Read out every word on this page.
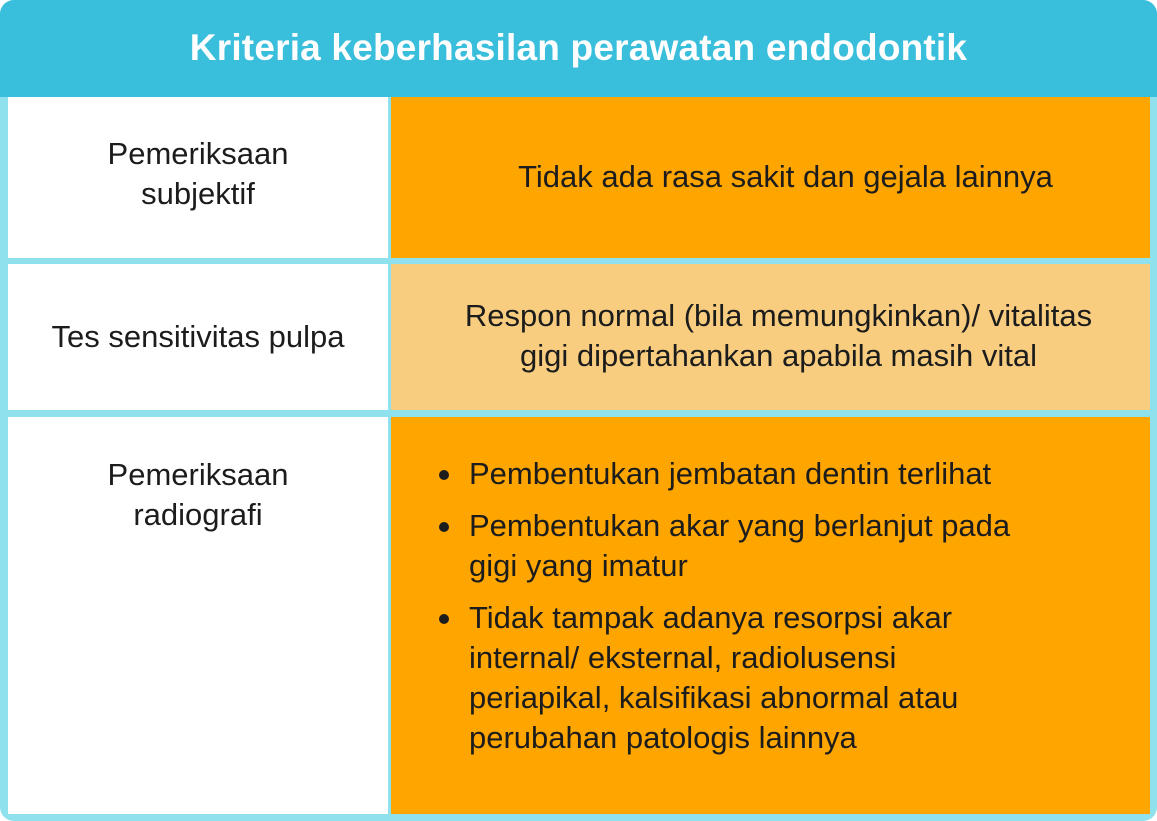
Kriteria keberhasilan perawatan endodontik
Pemeriksaan
subjektif	Tidak ada rasa sakit dan gejala lainnya
Tes sensitivitas pulpa
Respon normal (bila memungkinkan)/ vitalitas
gigi dipertahankan apabila masih vital
Pemeriksaan
radiografi
Pembentukan jembatan dentin terlihat
Pembentukan akar yang berlanjut pada
gigi yang imatur
Tidak tampak adanya resorpsi akar
internal/ eksternal, radiolusensi
periapikal, kalsifikasi abnormal atau
perubahan patologis lainnya
